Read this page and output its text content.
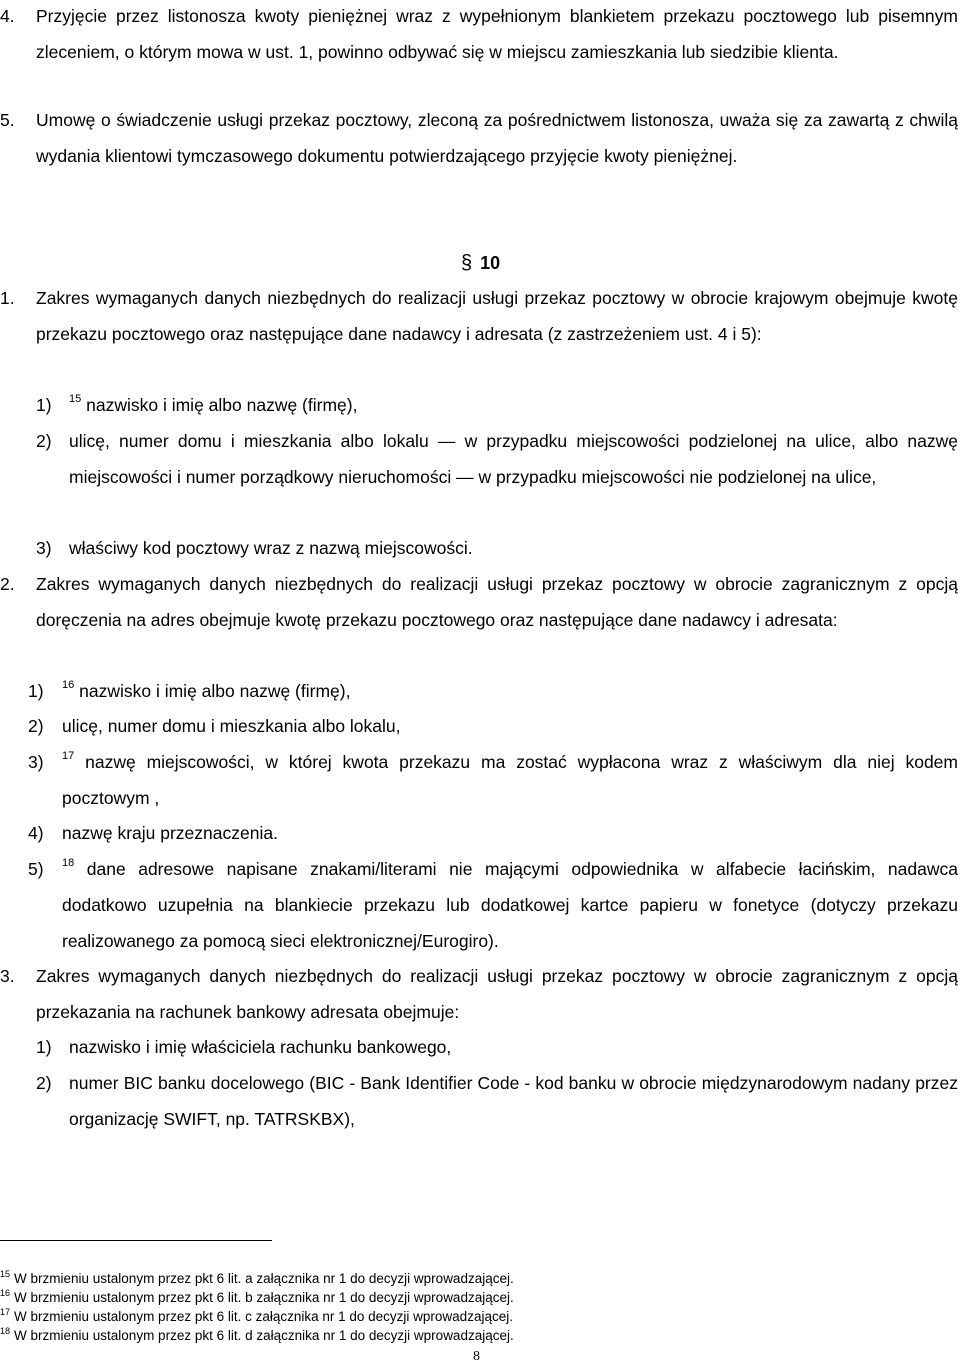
4. Przyjęcie przez listonosza kwoty pieniężnej wraz z wypełnionym blankietem przekazu pocztowego lub pisemnym zleceniem, o którym mowa w ust. 1, powinno odbywać się w miejscu zamieszkania lub siedzibie klienta.

5. Umowę o świadczenie usługi przekaz pocztowy, zleconą za pośrednictwem listonosza, uważa się za zawartą z chwilą wydania klientowi tymczasowego dokumentu potwierdzającego przyjęcie kwoty pieniężnej.

§ 10
1. Zakres wymaganych danych niezbędnych do realizacji usługi przekaz pocztowy w obrocie krajowym obejmuje kwotę przekazu pocztowego oraz następujące dane nadawcy i adresata (z zastrzeżeniem ust. 4 i 5):

1) $^{15}$ nazwisko i imię albo nazwę (firmę),

2) ulicę, numer domu i mieszkania albo lokalu — w przypadku miejscowości podzielonej na ulice, albo nazwę miejscowości i numer porządkowy nieruchomości — w przypadku miejscowości nie podzielonej na ulice,

3) właściwy kod pocztowy wraz z nazwą miejscowości.

2. Zakres wymaganych danych niezbędnych do realizacji usługi przekaz pocztowy w obrocie zagranicznym z opcją doręczenia na adres obejmuje kwotę przekazu pocztowego oraz następujące dane nadawcy i adresata:

1) $^{16}$ nazwisko i imię albo nazwę (firmę),

2) ulicę, numer domu i mieszkania albo lokalu,

3) $^{17}$ nazwę miejscowości, w której kwota przekazu ma zostać wypłacona wraz z właściwym dla niej kodem pocztowym ,

4) nazwę kraju przeznaczenia.

5) $^{18}$ dane adresowe napisane znakami/literami nie mającymi odpowiednika w alfabecie łacińskim, nadawca dodatkowo uzupełnia na blankiecie przekazu lub dodatkowej kartce papieru w fonetyce (dotyczy przekazu realizowanego za pomocą sieci elektronicznej/Eurogiro).

3. Zakres wymaganych danych niezbędnych do realizacji usługi przekaz pocztowy w obrocie zagranicznym z opcją przekazania na rachunek bankowy adresata obejmuje:

1) nazwisko i imię właściciela rachunku bankowego,

2) numer BIC banku docelowego (BIC - Bank Identifier Code - kod banku w obrocie międzynarodowym nadany przez organizację SWIFT, np. TATRSKBX),

$^{15}$ W brzmieniu ustalonym przez pkt 6 lit. a załącznika nr 1 do decyzji wprowadzającej.
$^{16}$ W brzmieniu ustalonym przez pkt 6 lit. b załącznika nr 1 do decyzji wprowadzającej.
$^{17}$ W brzmieniu ustalonym przez pkt 6 lit. c załącznika nr 1 do decyzji wprowadzającej.
$^{18}$ W brzmieniu ustalonym przez pkt 6 lit. d załącznika nr 1 do decyzji wprowadzającej.
8
